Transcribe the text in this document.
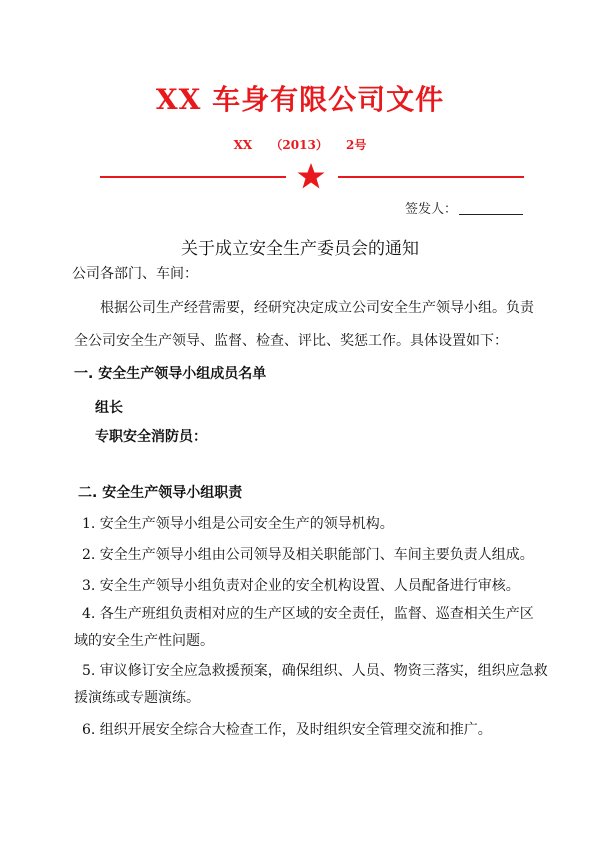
XX 车身有限公司文件
XX （2013） 2号
签发人：
关于成立安全生产委员会的通知
公司各部门、车间：
根据公司生产经营需要，经研究决定成立公司安全生产领导小组。负责
全公司安全生产领导、监督、检查、评比、奖惩工作。具体设置如下：
一. 安全生产领导小组成员名单
组长
专职安全消防员：
二. 安全生产领导小组职责
1. 安全生产领导小组是公司安全生产的领导机构。
2. 安全生产领导小组由公司领导及相关职能部门、车间主要负责人组成。
3. 安全生产领导小组负责对企业的安全机构设置、人员配备进行审核。
4. 各生产班组负责相对应的生产区域的安全责任，监督、巡查相关生产区
域的安全生产性问题。
5. 审议修订安全应急救援预案，确保组织、人员、物资三落实，组织应急救
援演练或专题演练。
6. 组织开展安全综合大检查工作，及时组织安全管理交流和推广。
